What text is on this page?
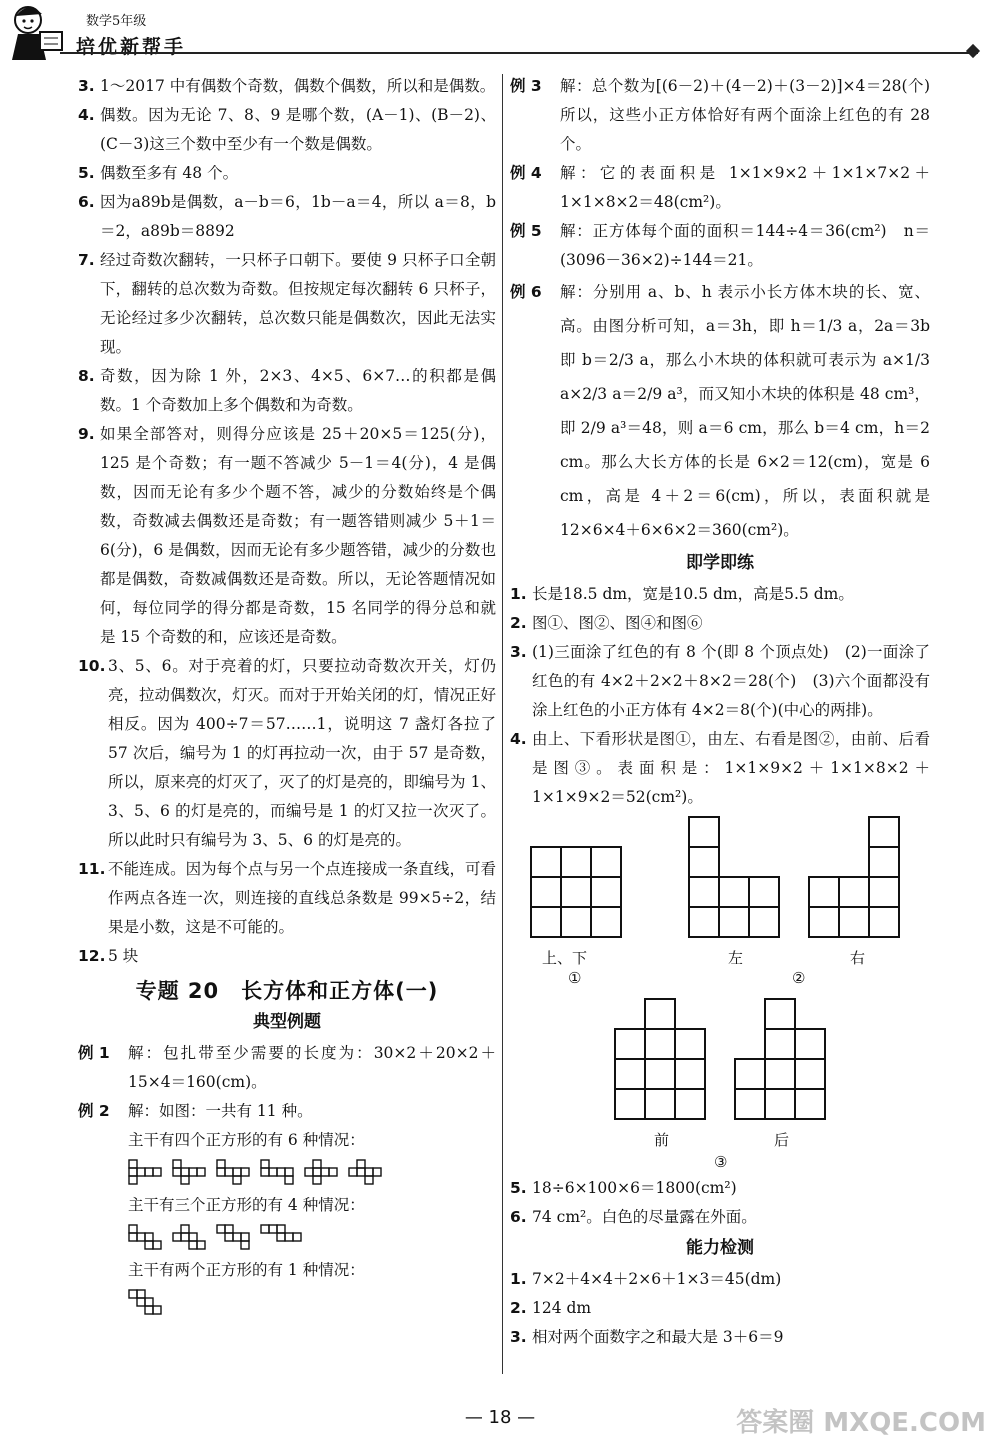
数学5年级
培优新帮手
3. 1～2017 中有偶数个奇数，偶数个偶数，所以和是偶数。
4. 偶数。因为无论 7、8、9 是哪个数，(A－1)、(B－2)、(C－3)这三个数中至少有一个数是偶数。
5. 偶数至多有 48 个。
6. 因为a89b是偶数，a－b＝6，1b－a＝4，所以 a＝8，b＝2，a89b＝8892
7. 经过奇数次翻转，一只杯子口朝下。要使 9 只杯子口全朝下，翻转的总次数为奇数。但按规定每次翻转 6 只杯子，无论经过多少次翻转，总次数只能是偶数次，因此无法实现。
8. 奇数，因为除 1 外，2×3、4×5、6×7…的积都是偶数。1 个奇数加上多个偶数和为奇数。
9. 如果全部答对，则得分应该是 25＋20×5＝125(分)，125 是个奇数；有一题不答减少 5－1＝4(分)，4 是偶数，因而无论有多少个题不答，减少的分数始终是个偶数，奇数减去偶数还是奇数；有一题答错则减少 5＋1＝6(分)，6 是偶数，因而无论有多少题答错，减少的分数也都是偶数，奇数减偶数还是奇数。所以，无论答题情况如何，每位同学的得分都是奇数，15 名同学的得分总和就是 15 个奇数的和，应该还是奇数。
10. 3、5、6。对于亮着的灯，只要拉动奇数次开关，灯仍亮，拉动偶数次，灯灭。而对于开始关闭的灯，情况正好相反。因为 400÷7＝57……1，说明这 7 盏灯各拉了 57 次后，编号为 1 的灯再拉动一次，由于 57 是奇数，所以，原来亮的灯灭了，灭了的灯是亮的，即编号为 1、3、5、6 的灯是亮的，而编号是 1 的灯又拉一次灭了。所以此时只有编号为 3、5、6 的灯是亮的。
11. 不能连成。因为每个点与另一个点连接成一条直线，可看作两点各连一次，则连接的直线总条数是 99×5÷2，结果是小数，这是不可能的。
12. 5 块
专题 20　长方体和正方体(一)
典型例题
例 1 解：包扎带至少需要的长度为：30×2＋20×2＋15×4＝160(cm)。
例 2 解：如图：一共有 11 种。
主干有四个正方形的有 6 种情况：
主干有三个正方形的有 4 种情况：
主干有两个正方形的有 1 种情况：
例 3 解：总个数为[(6－2)＋(4－2)＋(3－2)]×4＝28(个)　所以，这些小正方体恰好有两个面涂上红色的有 28 个。
例 4 解：它的表面积是 1×1×9×2＋1×1×7×2＋1×1×8×2＝48(cm²)。
例 5 解：正方体每个面的面积＝144÷4＝36(cm²)　n＝(3096－36×2)÷144＝21。
例 6 解：分别用 a、b、h 表示小长方体木块的长、宽、高。由图分析可知，a＝3h，即 h＝1/3 a，2a＝3b 即 b＝2/3 a，那么小木块的体积就可表示为 a×1/3 a×2/3 a＝2/9 a³，而又知小木块的体积是 48 cm³，即 2/9 a³＝48，则 a＝6 cm，那么 b＝4 cm，h＝2 cm。那么大长方体的长是 6×2＝12(cm)，宽是 6 cm，高是 4＋2＝6(cm)，所以，表面积就是 12×6×4＋6×6×2＝360(cm²)。
即学即练
1. 长是18.5 dm，宽是10.5 dm，高是5.5 dm。
2. 图①、图②、图④和图⑥
3. (1)三面涂了红色的有 8 个(即 8 个顶点处)　(2)一面涂了红色的有 4×2＋2×2＋8×2＝28(个)　(3)六个面都没有涂上红色的小正方体有 4×2＝8(个)(中心的两排)。
4. 由上、下看形状是图①，由左、右看是图②，由前、后看是图③。表面积是：1×1×9×2＋1×1×8×2＋1×1×9×2＝52(cm²)。
上、下
①
左	右
②
前	后
③
5. 18÷6×100×6＝1800(cm²)
6. 74 cm²。白色的尽量露在外面。
能力检测
1. 7×2＋4×4＋2×6＋1×3＝45(dm)
2. 124 dm
3. 相对两个面数字之和最大是 3＋6＝9
— 18 —	答案圈 MXQE.COM
